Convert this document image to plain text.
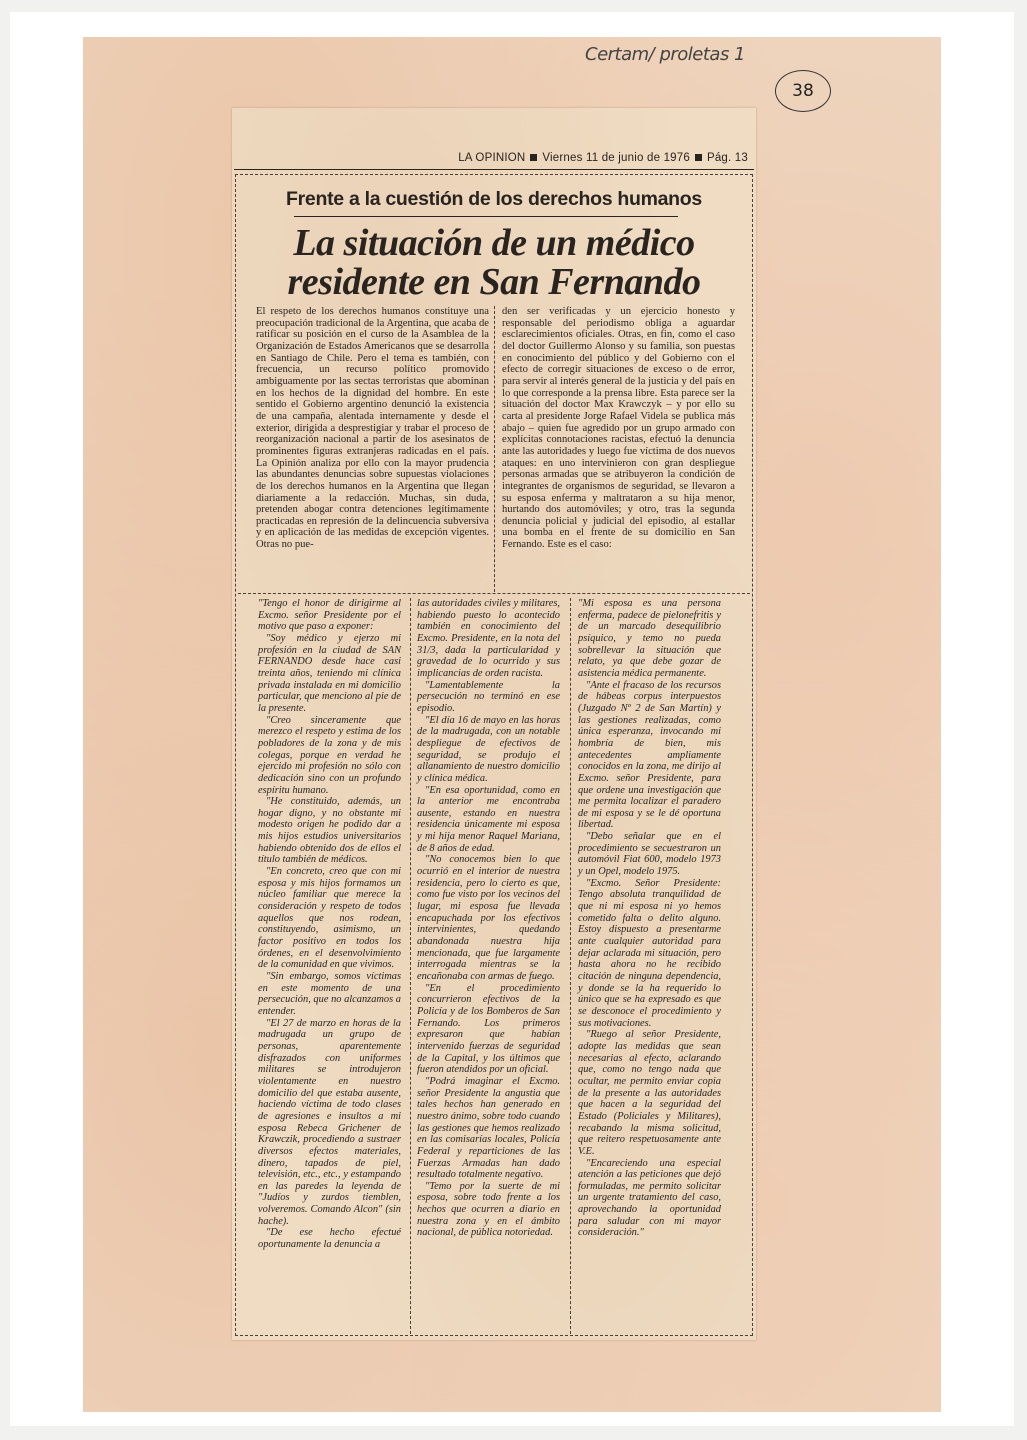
Certam/ proletas 1
38
LA OPINION Viernes 11 de junio de 1976 Pág. 13
Frente a la cuestión de los derechos humanos
La situación de un médico residente en San Fernando

El respeto de los derechos humanos constituye una preocupación tradicional de la Argentina, que acaba de ratificar su posición en el curso de la Asamblea de la Organización de Estados Americanos que se desarrolla en Santiago de Chile. Pero el tema es también, con frecuencia, un recurso político promovido ambiguamente por las sectas terroristas que abominan en los hechos de la dignidad del hombre. En este sentido el Gobierno argentino denunció la existencia de una campaña, alentada internamente y desde el exterior, dirigida a desprestigiar y trabar el proceso de reorganización nacional a partir de los asesinatos de prominentes figuras extranjeras radicadas en el país. La Opinión analiza por ello con la mayor prudencia las abundantes denuncias sobre supuestas violaciones de los derechos humanos en la Argentina que llegan diariamente a la redacción. Muchas, sin duda, pretenden abogar contra detenciones legítimamente practicadas en represión de la delincuencia subversiva y en aplicación de las medidas de excepción vigentes. Otras no pue-

den ser verificadas y un ejercicio honesto y responsable del periodismo obliga a aguardar esclarecimientos oficiales. Otras, en fin, como el caso del doctor Guillermo Alonso y su familia, son puestas en conocimiento del público y del Gobierno con el efecto de corregir situaciones de exceso o de error, para servir al interés general de la justicia y del país en lo que corresponde a la prensa libre. Esta parece ser la situación del doctor Max Krawczyk – y por ello su carta al presidente Jorge Rafael Videla se publica más abajo – quien fue agredido por un grupo armado con explícitas connotaciones racistas, efectuó la denuncia ante las autoridades y luego fue víctima de dos nuevos ataques: en uno intervinieron con gran despliegue personas armadas que se atribuyeron la condición de integrantes de organismos de seguridad, se llevaron a su esposa enferma y maltrataron a su hija menor, hurtando dos automóviles; y otro, tras la segunda denuncia policial y judicial del episodio, al estallar una bomba en el frente de su domicilio en San Fernando. Este es el caso:

"Tengo el honor de dirigirme al Excmo. señor Presidente por el motivo que paso a exponer:

"Soy médico y ejerzo mi profesión en la ciudad de SAN FERNANDO desde hace casi treinta años, teniendo mi clínica privada instalada en mi domicilio particular, que menciono al pie de la presente.

"Creo sinceramente que merezco el respeto y estima de los pobladores de la zona y de mis colegas, porque en verdad he ejercido mi profesión no sólo con dedicación sino con un profundo espíritu humano.

"He constituido, además, un hogar digno, y no obstante mi modesto origen he podido dar a mis hijos estudios universitarios habiendo obtenido dos de ellos el título también de médicos.

"En concreto, creo que con mi esposa y mis hijos formamos un núcleo familiar que merece la consideración y respeto de todos aquellos que nos rodean, constituyendo, asimismo, un factor positivo en todos los órdenes, en el desenvolvimiento de la comunidad en que vivimos.

"Sin embargo, somos víctimas en este momento de una persecución, que no alcanzamos a entender.

"El 27 de marzo en horas de la madrugada un grupo de personas, aparentemente disfrazados con uniformes militares se introdujeron violentamente en nuestro domicilio del que estaba ausente, haciendo víctima de todo clases de agresiones e insultos a mi esposa Rebeca Grichener de Krawczik, procediendo a sustraer diversos efectos materiales, dinero, tapados de piel, televisión, etc., etc., y estampando en las paredes la leyenda de "Judíos y zurdos tiemblen, volveremos. Comando Alcon" (sin hache).

"De ese hecho efectué oportunamente la denuncia a

las autoridades civiles y militares, habiendo puesto lo acontecido también en conocimiento del Excmo. Presidente, en la nota del 31/3, dada la particularidad y gravedad de lo ocurrido y sus implicancias de orden racista.

"Lamentablemente la persecución no terminó en ese episodio.

"El día 16 de mayo en las horas de la madrugada, con un notable despliegue de efectivos de seguridad, se produjo el allanamiento de nuestro domicilio y clínica médica.

"En esa oportunidad, como en la anterior me encontraba ausente, estando en nuestra residencia únicamente mi esposa y mi hija menor Raquel Mariana, de 8 años de edad.

"No conocemos bien lo que ocurrió en el interior de nuestra residencia, pero lo cierto es que, como fue visto por los vecinos del lugar, mi esposa fue llevada encapuchada por los efectivos intervinientes, quedando abandonada nuestra hija mencionada, que fue largamente interrogada mientras se la encañonaba con armas de fuego.

"En el procedimiento concurrieron efectivos de la Policía y de los Bomberos de San Fernando. Los primeros expresaron que habían intervenido fuerzas de seguridad de la Capital, y los últimos que fueron atendidos por un oficial.

"Podrá imaginar el Excmo. señor Presidente la angustia que tales hechos han generado en nuestro ánimo, sobre todo cuando las gestiones que hemos realizado en las comisarías locales, Policía Federal y reparticiones de las Fuerzas Armadas han dado resultado totalmente negativo.

"Temo por la suerte de mi esposa, sobre todo frente a los hechos que ocurren a diario en nuestra zona y en el ámbito nacional, de pública notoriedad.

"Mi esposa es una persona enferma, padece de pielonefritis y de un marcado desequilibrio psíquico, y temo no pueda sobrellevar la situación que relato, ya que debe gozar de asistencia médica permanente.

"Ante el fracaso de los recursos de hábeas corpus interpuestos (Juzgado Nº 2 de San Martín) y las gestiones realizadas, como única esperanza, invocando mi hombría de bien, mis antecedentes ampliamente conocidos en la zona, me dirijo al Excmo. señor Presidente, para que ordene una investigación que me permita localizar el paradero de mi esposa y se le dé oportuna libertad.

"Debo señalar que en el procedimiento se secuestraron un automóvil Fiat 600, modelo 1973 y un Opel, modelo 1975.

"Excmo. Señor Presidente: Tengo absoluta tranquilidad de que ni mi esposa ni yo hemos cometido falta o delito alguno. Estoy dispuesto a presentarme ante cualquier autoridad para dejar aclarada mi situación, pero hasta ahora no he recibido citación de ninguna dependencia, y donde se la ha requerido lo único que se ha expresado es que se desconoce el procedimiento y sus motivaciones.

"Ruego al señor Presidente, adopte las medidas que sean necesarias al efecto, aclarando que, como no tengo nada que ocultar, me permito enviar copia de la presente a las autoridades que hacen a la seguridad del Estado (Policiales y Militares), recabando la misma solicitud, que reitero respetuosamente ante V.E.

"Encareciendo una especial atención a las peticiones que dejó formuladas, me permito solicitar un urgente tratamiento del caso, aprovechando la oportunidad para saludar con mi mayor consideración."
